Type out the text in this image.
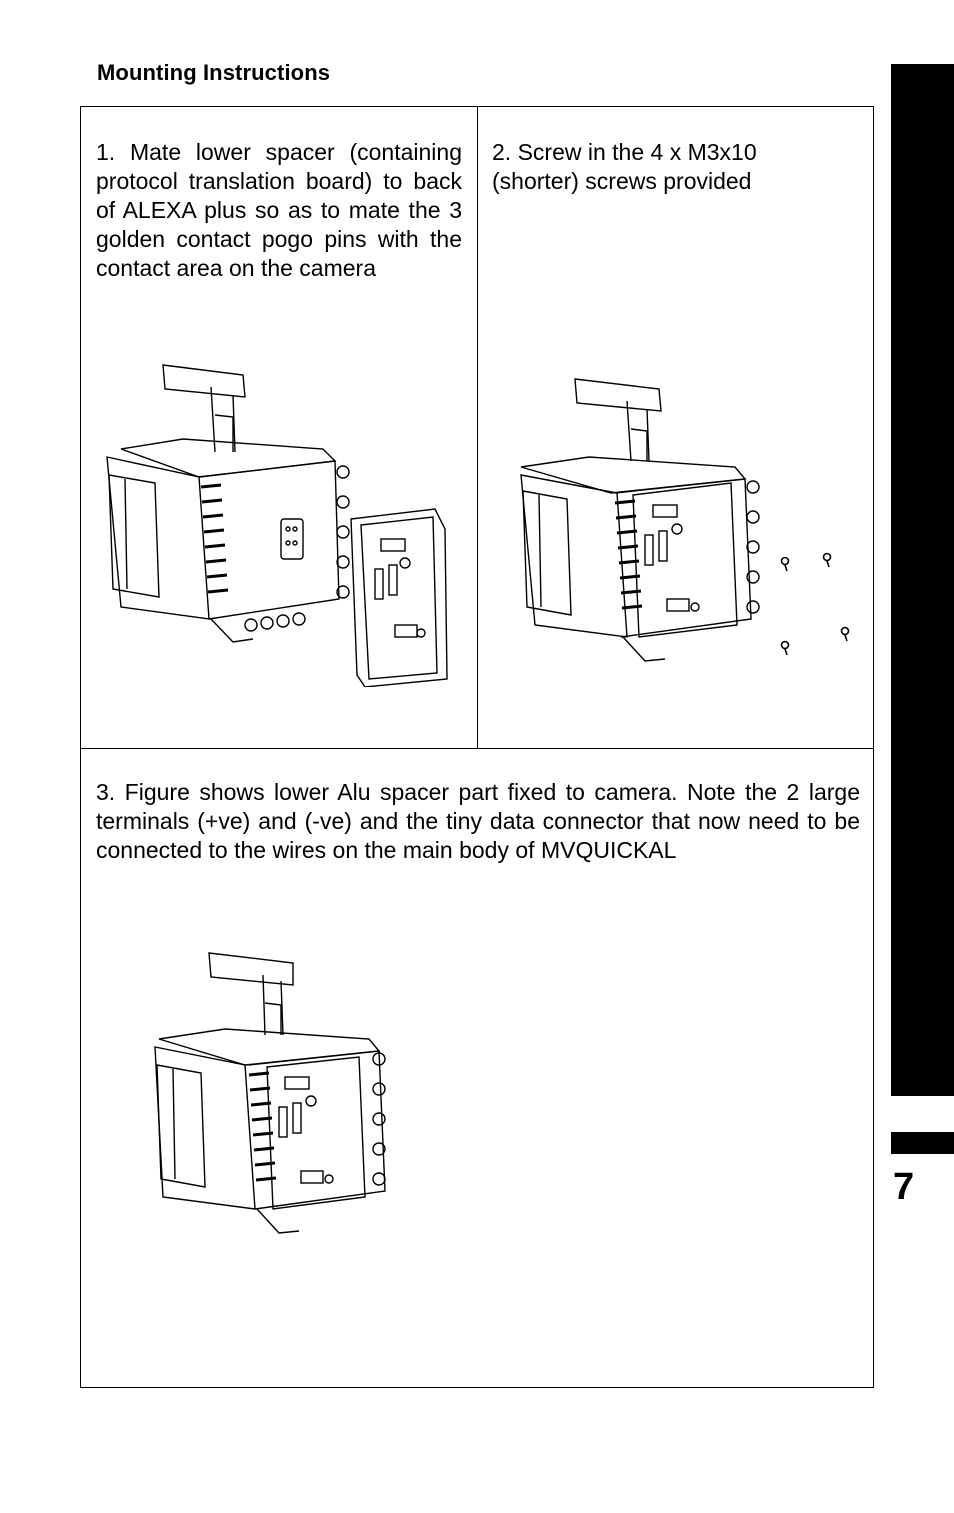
Mounting Instructions
7
1. Mate lower spacer (containing protocol translation board) to back of ALEXA plus so as to mate the 3 golden contact pogo pins with the contact area on the camera
2. Screw in the 4 x M3x10 (shorter) screws provided
3. Figure shows lower Alu spacer part fixed to camera. Note the 2 large terminals (+ve) and (-ve) and the tiny data connector that now need to be connected to the wires on the main body of MVQUICKAL
